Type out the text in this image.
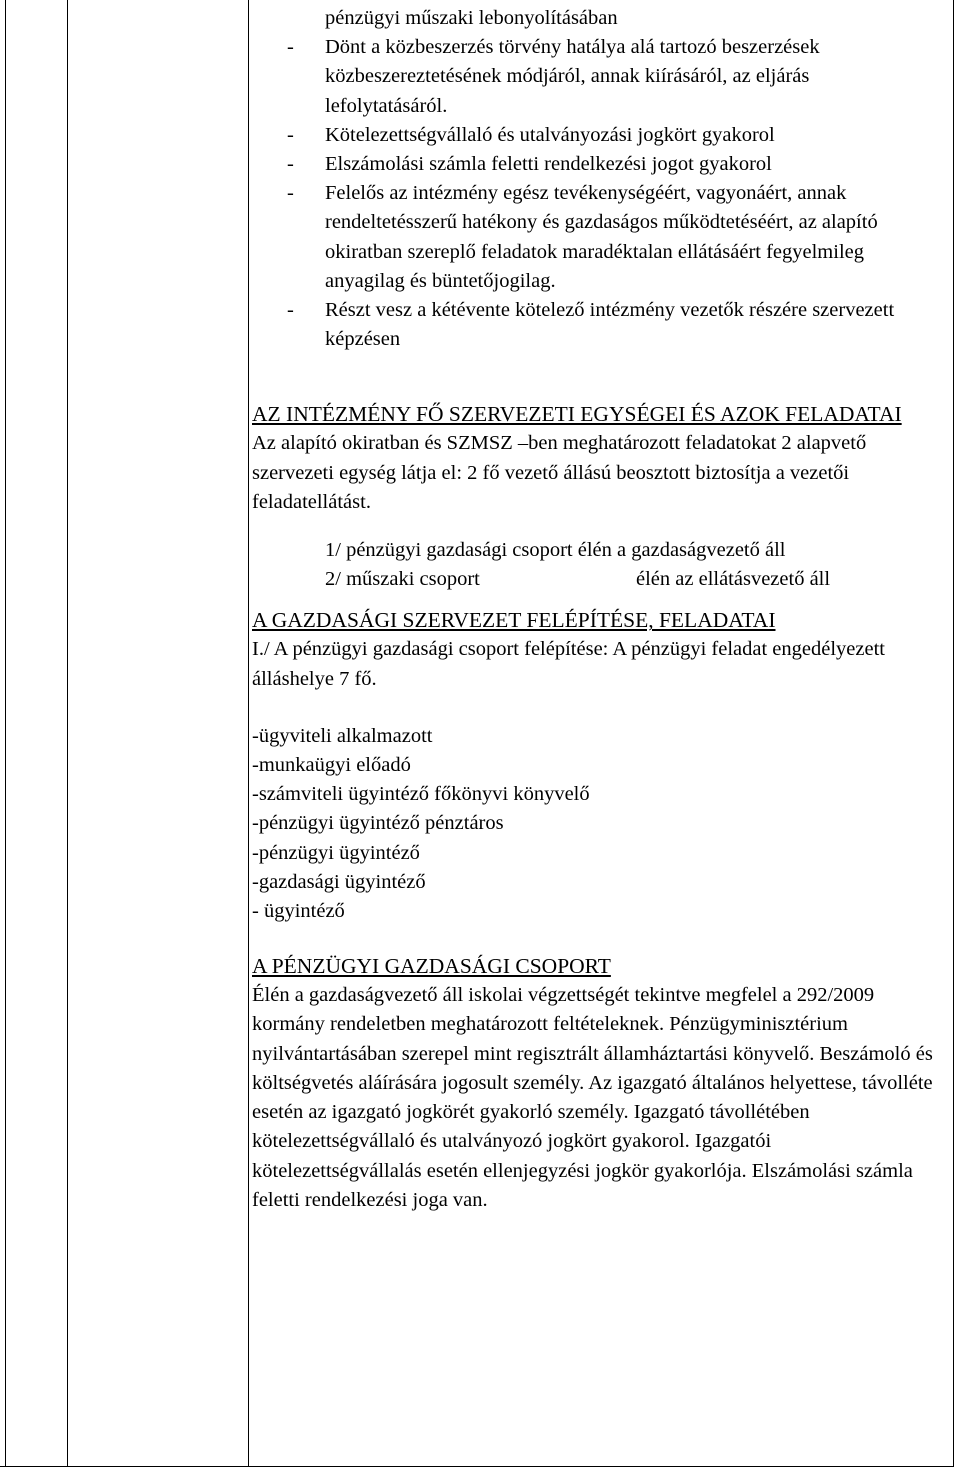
pénzügyi műszaki lebonyolításában

-	Dönt a közbeszerzés törvény hatálya alá tartozó beszerzések közbeszereztetésének módjáról, annak kiírásáról, az eljárás lefolytatásáról.
-	Kötelezettségvállaló és utalványozási jogkört gyakorol
-	Elszámolási számla feletti rendelkezési jogot gyakorol
-	Felelős az intézmény egész tevékenységéért, vagyonáért, annak rendeltetésszerű hatékony és gazdaságos működtetéséért, az alapító okiratban szereplő feladatok maradéktalan ellátásáért fegyelmileg anyagilag és büntetőjogilag.
-	Részt vesz a kétévente kötelező intézmény vezetők részére szervezett képzésen
AZ INTÉZMÉNY FŐ SZERVEZETI EGYSÉGEI ÉS AZOK FELADATAI

Az alapító okiratban és SZMSZ –ben meghatározott feladatokat 2 alapvető szervezeti egység látja el: 2 fő vezető állású beosztott biztosítja a vezetői feladatellátást.

1/ pénzügyi gazdasági csoport élén a gazdaságvezető áll
2/ műszaki csoport	élén az ellátásvezető áll
A GAZDASÁGI SZERVEZET FELÉPÍTÉSE, FELADATAI

I./ A pénzügyi gazdasági csoport felépítése: A pénzügyi feladat engedélyezett álláshelye 7 fő.

-ügyviteli alkalmazott

-munkaügyi előadó

-számviteli ügyintéző főkönyvi könyvelő

-pénzügyi ügyintéző pénztáros

-pénzügyi ügyintéző

-gazdasági ügyintéző

- ügyintéző

A PÉNZÜGYI GAZDASÁGI CSOPORT

Élén a gazdaságvezető áll iskolai végzettségét tekintve megfelel a 292/2009 kormány rendeletben meghatározott feltételeknek. Pénzügyminisztérium nyilvántartásában szerepel mint regisztrált államháztartási könyvelő. Beszámoló és költségvetés aláírására jogosult személy. Az igazgató általános helyettese, távolléte esetén az igazgató jogkörét gyakorló személy. Igazgató távollétében kötelezettségvállaló és utalványozó jogkört gyakorol. Igazgatói kötelezettségvállalás esetén ellenjegyzési jogkör gyakorlója. Elszámolási számla feletti rendelkezési joga van.
